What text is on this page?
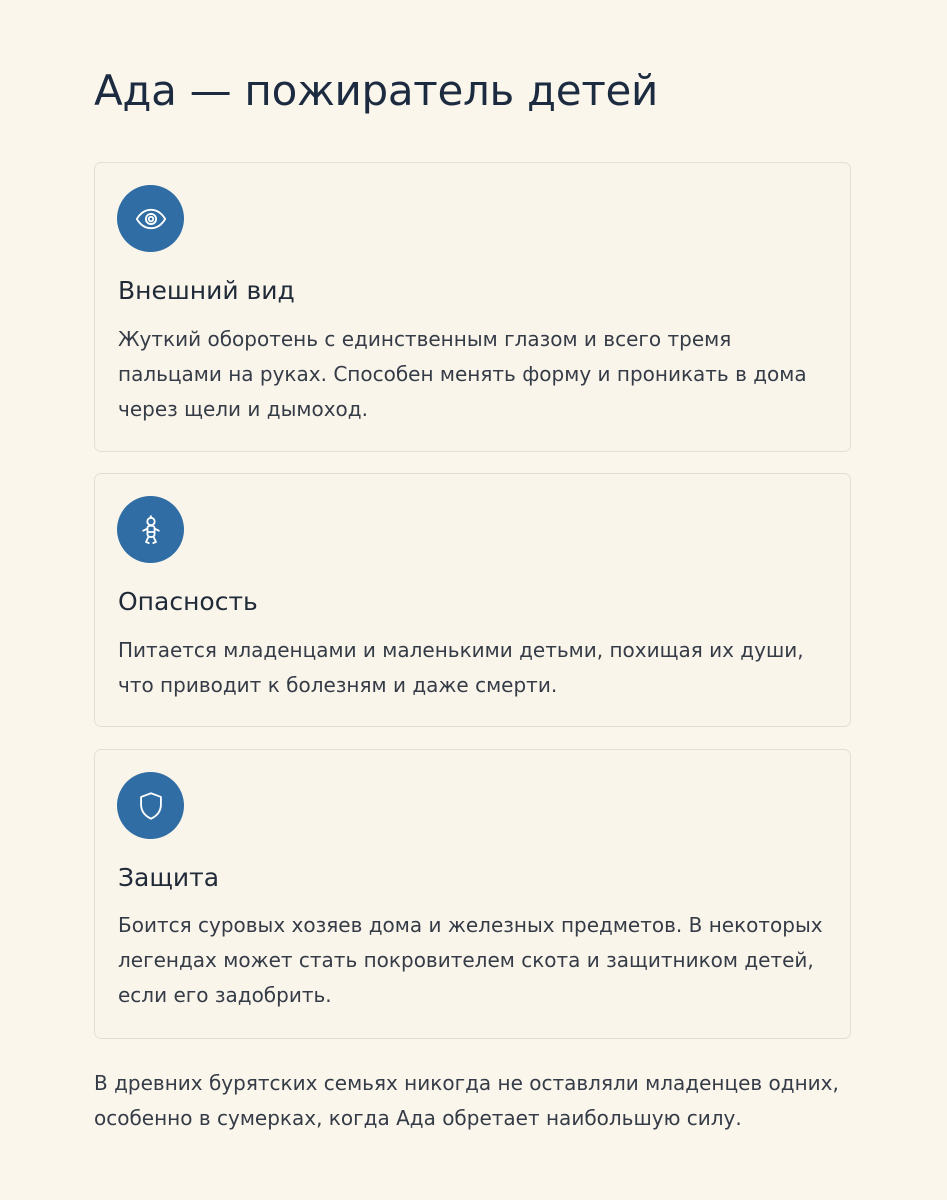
Ада — пожиратель детей
Внешний вид

Жуткий оборотень с единственным глазом и всего тремя пальцами на руках. Способен менять форму и проникать в дома через щели и дымоход.

Опасность

Питается младенцами и маленькими детьми, похищая их души, что приводит к болезням и даже смерти.

Защита

Боится суровых хозяев дома и железных предметов. В некоторых легендах может стать покровителем скота и защитником детей, если его задобрить.

В древних бурятских семьях никогда не оставляли младенцев одних, особенно в сумерках, когда Ада обретает наибольшую силу.
